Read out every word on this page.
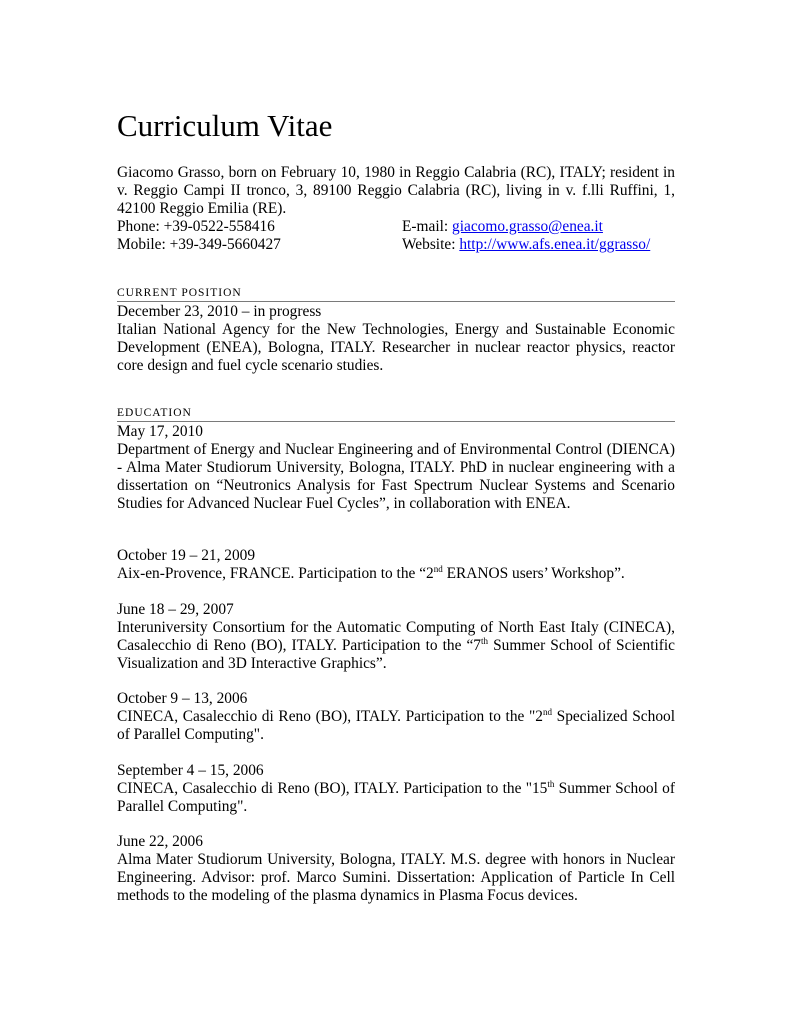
Curriculum Vitae
Giacomo Grasso, born on February 10, 1980 in Reggio Calabria (RC), ITALY; resident in v. Reggio Campi II tronco, 3, 89100 Reggio Calabria (RC), living in v. f.lli Ruffini, 1, 42100 Reggio Emilia (RE).
Phone: +39-0522-558416	E-mail: giacomo.grasso@enea.it
Mobile: +39-349-5660427	Website: http://www.afs.enea.it/ggrasso/
CURRENT POSITION
December 23, 2010 – in progress
Italian National Agency for the New Technologies, Energy and Sustainable Economic Development (ENEA), Bologna, ITALY. Researcher in nuclear reactor physics, reactor core design and fuel cycle scenario studies.
EDUCATION
May 17, 2010
Department of Energy and Nuclear Engineering and of Environmental Control (DIENCA) - Alma Mater Studiorum University, Bologna, ITALY. PhD in nuclear engineering with a dissertation on “Neutronics Analysis for Fast Spectrum Nuclear Systems and Scenario Studies for Advanced Nuclear Fuel Cycles”, in collaboration with ENEA.
October 19 – 21, 2009
Aix-en-Provence, FRANCE. Participation to the “2nd ERANOS users’ Workshop”.
June 18 – 29, 2007
Interuniversity Consortium for the Automatic Computing of North East Italy (CINECA), Casalecchio di Reno (BO), ITALY. Participation to the “7th Summer School of Scientific Visualization and 3D Interactive Graphics”.
October 9 – 13, 2006
CINECA, Casalecchio di Reno (BO), ITALY. Participation to the "2nd Specialized School of Parallel Computing".
September 4 – 15, 2006
CINECA, Casalecchio di Reno (BO), ITALY. Participation to the "15th Summer School of Parallel Computing".
June 22, 2006
Alma Mater Studiorum University, Bologna, ITALY. M.S. degree with honors in Nuclear Engineering. Advisor: prof. Marco Sumini. Dissertation: Application of Particle In Cell methods to the modeling of the plasma dynamics in Plasma Focus devices.
